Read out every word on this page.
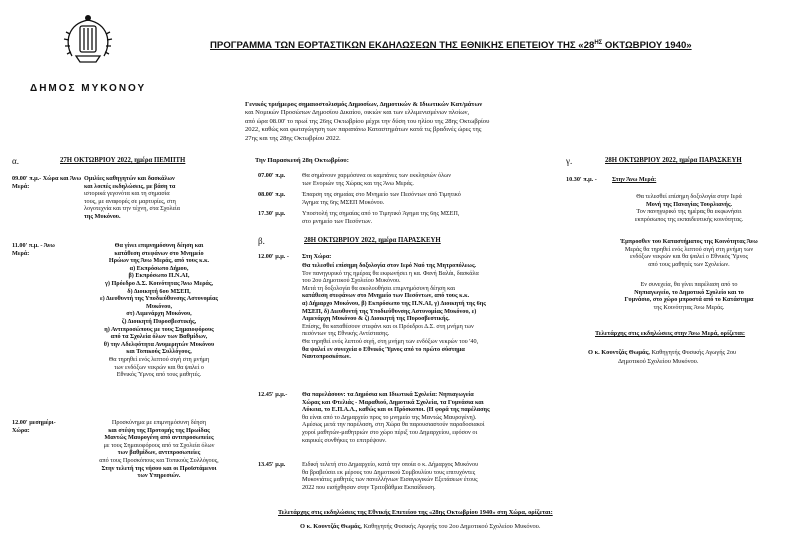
ΔΗΜΟΣ ΜΥΚΟΝΟΥ
ΠΡΟΓΡΑΜΜΑ ΤΩΝ ΕΟΡΤΑΣΤΙΚΩΝ ΕΚΔΗΛΩΣΕΩΝ ΤΗΣ ΕΘΝΙΚΗΣ ΕΠΕΤΕΙΟΥ ΤΗΣ «$28^{H\Sigma}$ ΟΚΤΩΒΡΙΟΥ 1940»

Γενικός τριήμερος σημαιοστολισμός Δημοσίων, Δημοτικών & Ιδιωτικών Κατ/μάτων

και Νομικών Προσώπων Δημοσίου Δικαίου, οικιών και των ελλιμενισμένων πλοίων,

από ώρα 08.00' το πρωί της 26ης Οκτωβρίου μέχρι την δύση του ηλίου της 28ης Οκτωβρίου

2022, καθώς και φωταγώγηση των παραπάνω Καταστημάτων κατά τις βραδινές ώρες της

27ης και της 28ης Οκτωβρίου 2022.

α.	27Η ΟΚΤΩΒΡΙΟΥ 2022, ημέρα ΠΕΜΠΤΗ
09.00' π.μ.- Χώρα και Άνω Μερά:

Ομιλίες καθηγητών και δασκάλων

και λοιπές εκδηλώσεις, με βάση τα

ιστορικά γεγονότα και τη σημασία

τους, με αναφορές σε μαρτυρίες, στη

λογοτεχνία και την τέχνη, στα Σχολεία

της Μυκόνου.

11.00' π.μ. - Άνω Μερά:

Θα γίνει επιμνημόσυνη δέηση και

κατάθεση στεφάνων στο Μνημείο

Ηρώων της Άνω Μεράς, από τους κ.κ.

α) Εκπρόσωπο Δήμου,

β) Εκπρόσωπο Π.Ν.ΑΙ,

γ) Πρόεδρο Δ.Σ. Κοινότητας Άνω Μεράς,

δ) Διοικητή 6ου ΜΣΕΠ,

ε) Διευθυντή της Υποδιεύθυνσης Αστυνομίας

Μυκόνου,

στ) Λιμενάρχη Μυκόνου,

ζ) Διοικητή Πυροσβεστικής,

η) Αντιπροσώπους με τους Σημαιοφόρους

από τα Σχολεία όλων των Βαθμίδων,

θ) την Αδελφότητα Ανυμερητών Μυκόνου

και Τοπικούς Συλλόγους,

Θα τηρηθεί ενός λεπτού σιγή στη μνήμη

των ενδόξων νεκρών και θα ψαλεί ο

Εθνικός Ύμνος από τους μαθητές.

12.00' μεσημέρι- Χώρα:

Προσκύνημα με επιμνημόσυνη δέηση

και στέψη της Προτομής της Ηρωίδας

Μαντώς Μαυρογένη από αντιπροσωπείες

με τους Σημαιοφόρους από τα Σχολεία όλων

των βαθμίδων, αντιπροσωπείες

από τους Προσκόπους και Τοπικούς Συλλόγους,

Στην τελετή της νήσου και οι Προϊστάμενοι

των Υπηρεσιών.

Την Παρασκευή 28η Οκτωβρίου:
07.00' π.μ.	Θα σημάνουν χαρμόσυνα οι καμπάνες των εκκλησιών όλων

των Ενοριών της Χώρας και της Άνω Μεράς.

08.00' π.μ.	Έπαρση της σημαίας στο Μνημείο των Πεσόντων από Τιμητικό

Άγημα της 6ης ΜΣΕΠ Μυκόνου.

17.30' μ.μ.	Υποστολή της σημαίας από το Τιμητικό Άγημα της 6ης ΜΣΕΠ,

στο μνημείο των Πεσόντων.

β.	28Η ΟΚΤΩΒΡΙΟΥ 2022, ημέρα ΠΑΡΑΣΚΕΥΗ
12.00' μ.μ. - Στη Χώρα:

Θα τελεσθεί επίσημη δοξολογία στον Ιερό Ναό της Μητροπόλεως.

Τον πανηγυρικό της ημέρας θα εκφωνήσει η κα. Φανή Βαλάι, δασκάλα

του 2ου Δημοτικού Σχολείου Μυκόνου.

Μετά τη δοξολογία θα ακολουθήσει επιμνημόσυνη δέηση και

κατάθεση στεφάνων στο Μνημείο των Πεσόντων, από τους κ.κ.

α) Δήμαρχο Μυκόνου, β) Εκπρόσωπο της Π.Ν.ΑΙ, γ) Διοικητή της 6ης

ΜΣΕΠ, δ) Διευθυντή της Υποδιεύθυνσης Αστυνομίας Μυκόνου, ε)

Λιμενάρχη Μυκόνου & ζ) Διοικητή της Πυροσβεστικής.

Επίσης, θα καταθέσουν στεφάνι και οι Πρόεδροι Δ.Σ. στη μνήμη των

πεσόντων της Εθνικής Αντίστασης.

Θα τηρηθεί ενός λεπτού σιγή, στη μνήμη των ενδόξων νεκρών του '40,

θα ψαλεί εν συνεχεία ο Εθνικός Ύμνος από το πρώτο σύστημα

Ναυτοπροσκόπων.

12.45' μ.μ.- Θα παρελάσουν: τα Δημόσια και Ιδιωτικά Σχολεία: Νηπιαγωγεία

Χώρας και Φτελιάς - Μαραθιού, Δημοτικά Σχολεία, τα Γυμνάσια και

Λύκεια, το Ε.Π.Α.Λ., καθώς και οι Πρόσκοποι. (Η φορά της παρέλασης

θα είναι από το Δημαρχείο προς το μνημείο της Μαντώς Μαυρογένη).

Αμέσως μετά την παρέλαση, στη Χώρα θα παρουσιαστούν παραδοσιακοί

χοροί μαθητών-μαθητριών στο χώρο πέριξ του Δημαρχείου, εφόσον οι

καιρικές συνθήκες το επιτρέψουν.

13.45' μ.μ.	Ειδική τελετή στο Δημαρχείο, κατά την οποία ο κ. Δήμαρχος Μυκόνου

θα βραβεύσει εκ μέρους του Δημοτικού Συμβουλίου τους επιτυχόντες

Μυκονιάτες μαθητές των πανελλήνιων Εισαγωγικών Εξετάσεων έτους

2022 που εισήχθησαν στην Τριτοβάθμια Εκπαίδευση.

Τελετάρχης στις εκδηλώσεις της Εθνικής Επετείου της «28ης Οκτωβρίου 1940» στη Χώρα, ορίζεται:
Ο κ. Κουντζάς Θωμάς, Καθηγητής Φυσικής Αγωγής του 2ου Δημοτικού Σχολείου Μυκόνου.
γ.	28Η ΟΚΤΩΒΡΙΟΥ 2022, ημέρα ΠΑΡΑΣΚΕΥΗ
10.30' π.μ. - Στην Άνω Μερά:

Θα τελεσθεί επίσημη δοξολογία στην Ιερά

Μονή της Παναγίας Τουρλιανής.

Τον πανηγυρικό της ημέρας θα εκφωνήσει

εκπρόσωπος της εκπαιδευτικής κοινότητας.

Έμπροσθεν του Καταστήματος της Κοινότητας Άνω

Μεράς θα τηρηθεί ενός λεπτού σιγή στη μνήμη των

ενδόξων νεκρών και θα ψαλεί ο Εθνικός Ύμνος

από τους μαθητές των Σχολείων.

Εν συνεχεία, θα γίνει παρέλαση από το

Νηπιαγωγείο, το Δημοτικό Σχολείο και το

Γυμνάσιο, στο χώρο μπροστά από το Κατάστημα

της Κοινότητας Άνω Μεράς.

Τελετάρχης στις εκδηλώσεις στην Άνω Μερά, ορίζεται:
Ο κ. Κουντζάς Θωμάς, Καθηγητής Φυσικής Αγωγής 2ου
Δημοτικού Σχολείου Μυκόνου.
